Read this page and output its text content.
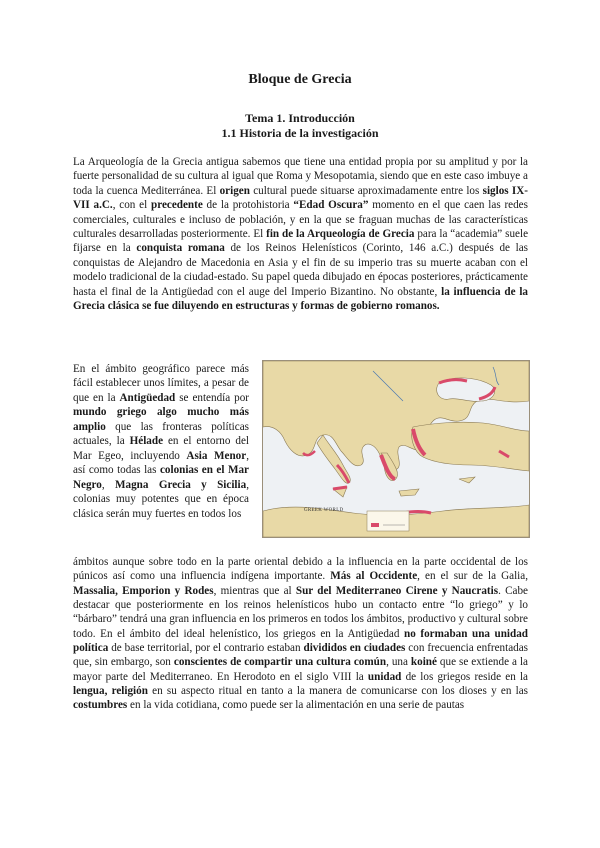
Bloque de Grecia
Tema 1. Introducción
1.1 Historia de la investigación

La Arqueología de la Grecia antigua sabemos que tiene una entidad propia por su amplitud y por la fuerte personalidad de su cultura al igual que Roma y Mesopotamia, siendo que en este caso imbuye a toda la cuenca Mediterránea. El origen cultural puede situarse aproximadamente entre los siglos IX-VII a.C., con el precedente de la protohistoria “Edad Oscura” momento en el que caen las redes comerciales, culturales e incluso de población, y en la que se fraguan muchas de las características culturales desarrolladas posteriormente. El fin de la Arqueología de Grecia para la “academia” suele fijarse en la conquista romana de los Reinos Helenísticos (Corinto, 146 a.C.) después de las conquistas de Alejandro de Macedonia en Asia y el fin de su imperio tras su muerte acaban con el modelo tradicional de la ciudad-estado. Su papel queda dibujado en épocas posteriores, prácticamente hasta el final de la Antigüedad con el auge del Imperio Bizantino. No obstante, la influencia de la Grecia clásica se fue diluyendo en estructuras y formas de gobierno romanos.

En el ámbito geográfico parece más fácil establecer unos límites, a pesar de que en la Antigüedad se entendía por mundo griego algo mucho más amplio que las fronteras políticas actuales, la Hélade en el entorno del Mar Egeo, incluyendo Asia Menor, así como todas las colonias en el Mar Negro, Magna Grecia y Sicilia, colonias muy potentes que en época clásica serán muy fuertes en todos los	GREEK WORLD

ámbitos aunque sobre todo en la parte oriental debido a la influencia en la parte occidental de los púnicos así como una influencia indígena importante. Más al Occidente, en el sur de la Galia, Massalia, Emporion y Rodes, mientras que al Sur del Mediterraneo Cirene y Naucratis. Cabe destacar que posteriormente en los reinos helenísticos hubo un contacto entre “lo griego” y lo “bárbaro” tendrá una gran influencia en los primeros en todos los ámbitos, productivo y cultural sobre todo. En el ámbito del ideal helenístico, los griegos en la Antigüedad no formaban una unidad política de base territorial, por el contrario estaban divididos en ciudades con frecuencia enfrentadas que, sin embargo, son conscientes de compartir una cultura común, una koiné que se extiende a la mayor parte del Mediterraneo. En Herodoto en el siglo VIII la unidad de los griegos reside en la lengua, religión en su aspecto ritual en tanto a la manera de comunicarse con los dioses y en las costumbres en la vida cotidiana, como puede ser la alimentación en una serie de pautas
